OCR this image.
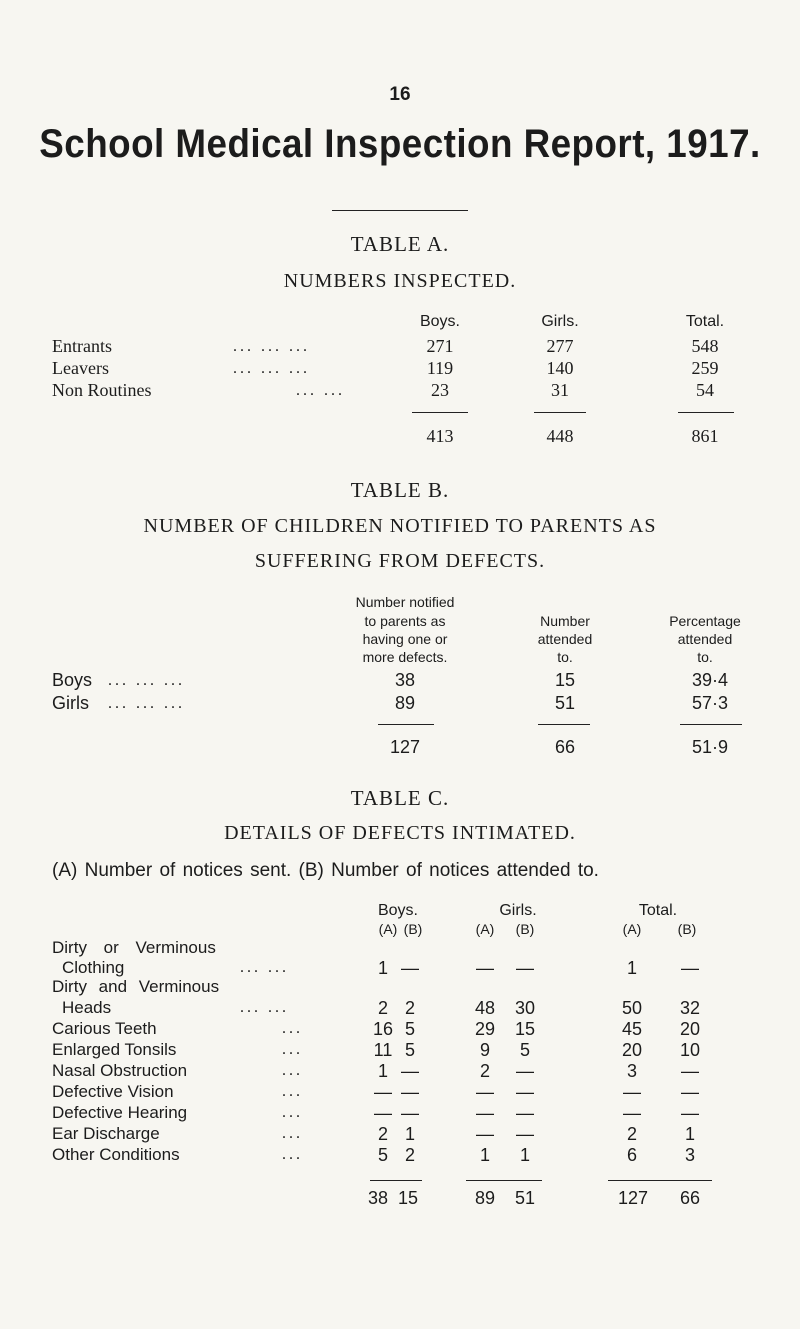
16
School Medical Inspection Report, 1917.
TABLE A.
NUMBERS INSPECTED.
Boys.	Girls.	Total.
Entrants	... ... ...	271	277	548
Leavers	... ... ...	119	140	259
Non Routines	... ...	23	31	54
413	448	861
TABLE B.
NUMBER OF CHILDREN NOTIFIED TO PARENTS AS
SUFFERING FROM DEFECTS.
Number notified
to parents as
having one or
more defects.
Number
attended
to.
Percentage
attended
to.
Boys ... ... ...	38	15	39·4
Girls ... ... ...	89	51	57·3
127	66	51·9
TABLE C.
DETAILS OF DEFECTS INTIMATED.
(A) Number of notices sent. (B) Number of notices attended to.
Boys.	Girls.	Total.
(A) (B)	(A)	(B)	(A)	(B)
Dirty or Verminous
Clothing	... ...	1 —	—	—	1	—
Dirty and Verminous
Heads	... ...	2 2	48	30	50	32
Carious Teeth	...	16 5	29	15	45	20
Enlarged Tonsils	...	11 5	9	5	20	10
Nasal Obstruction	...	1 —	2	—	3	—
Defective Vision	...	— —	—	—	—	—
Defective Hearing	...	— —	—	—	—	—
Ear Discharge	...	2 1	—	—	2	1
Other Conditions	...	5 2	1	1	6	3
38 15	89	51	127	66
